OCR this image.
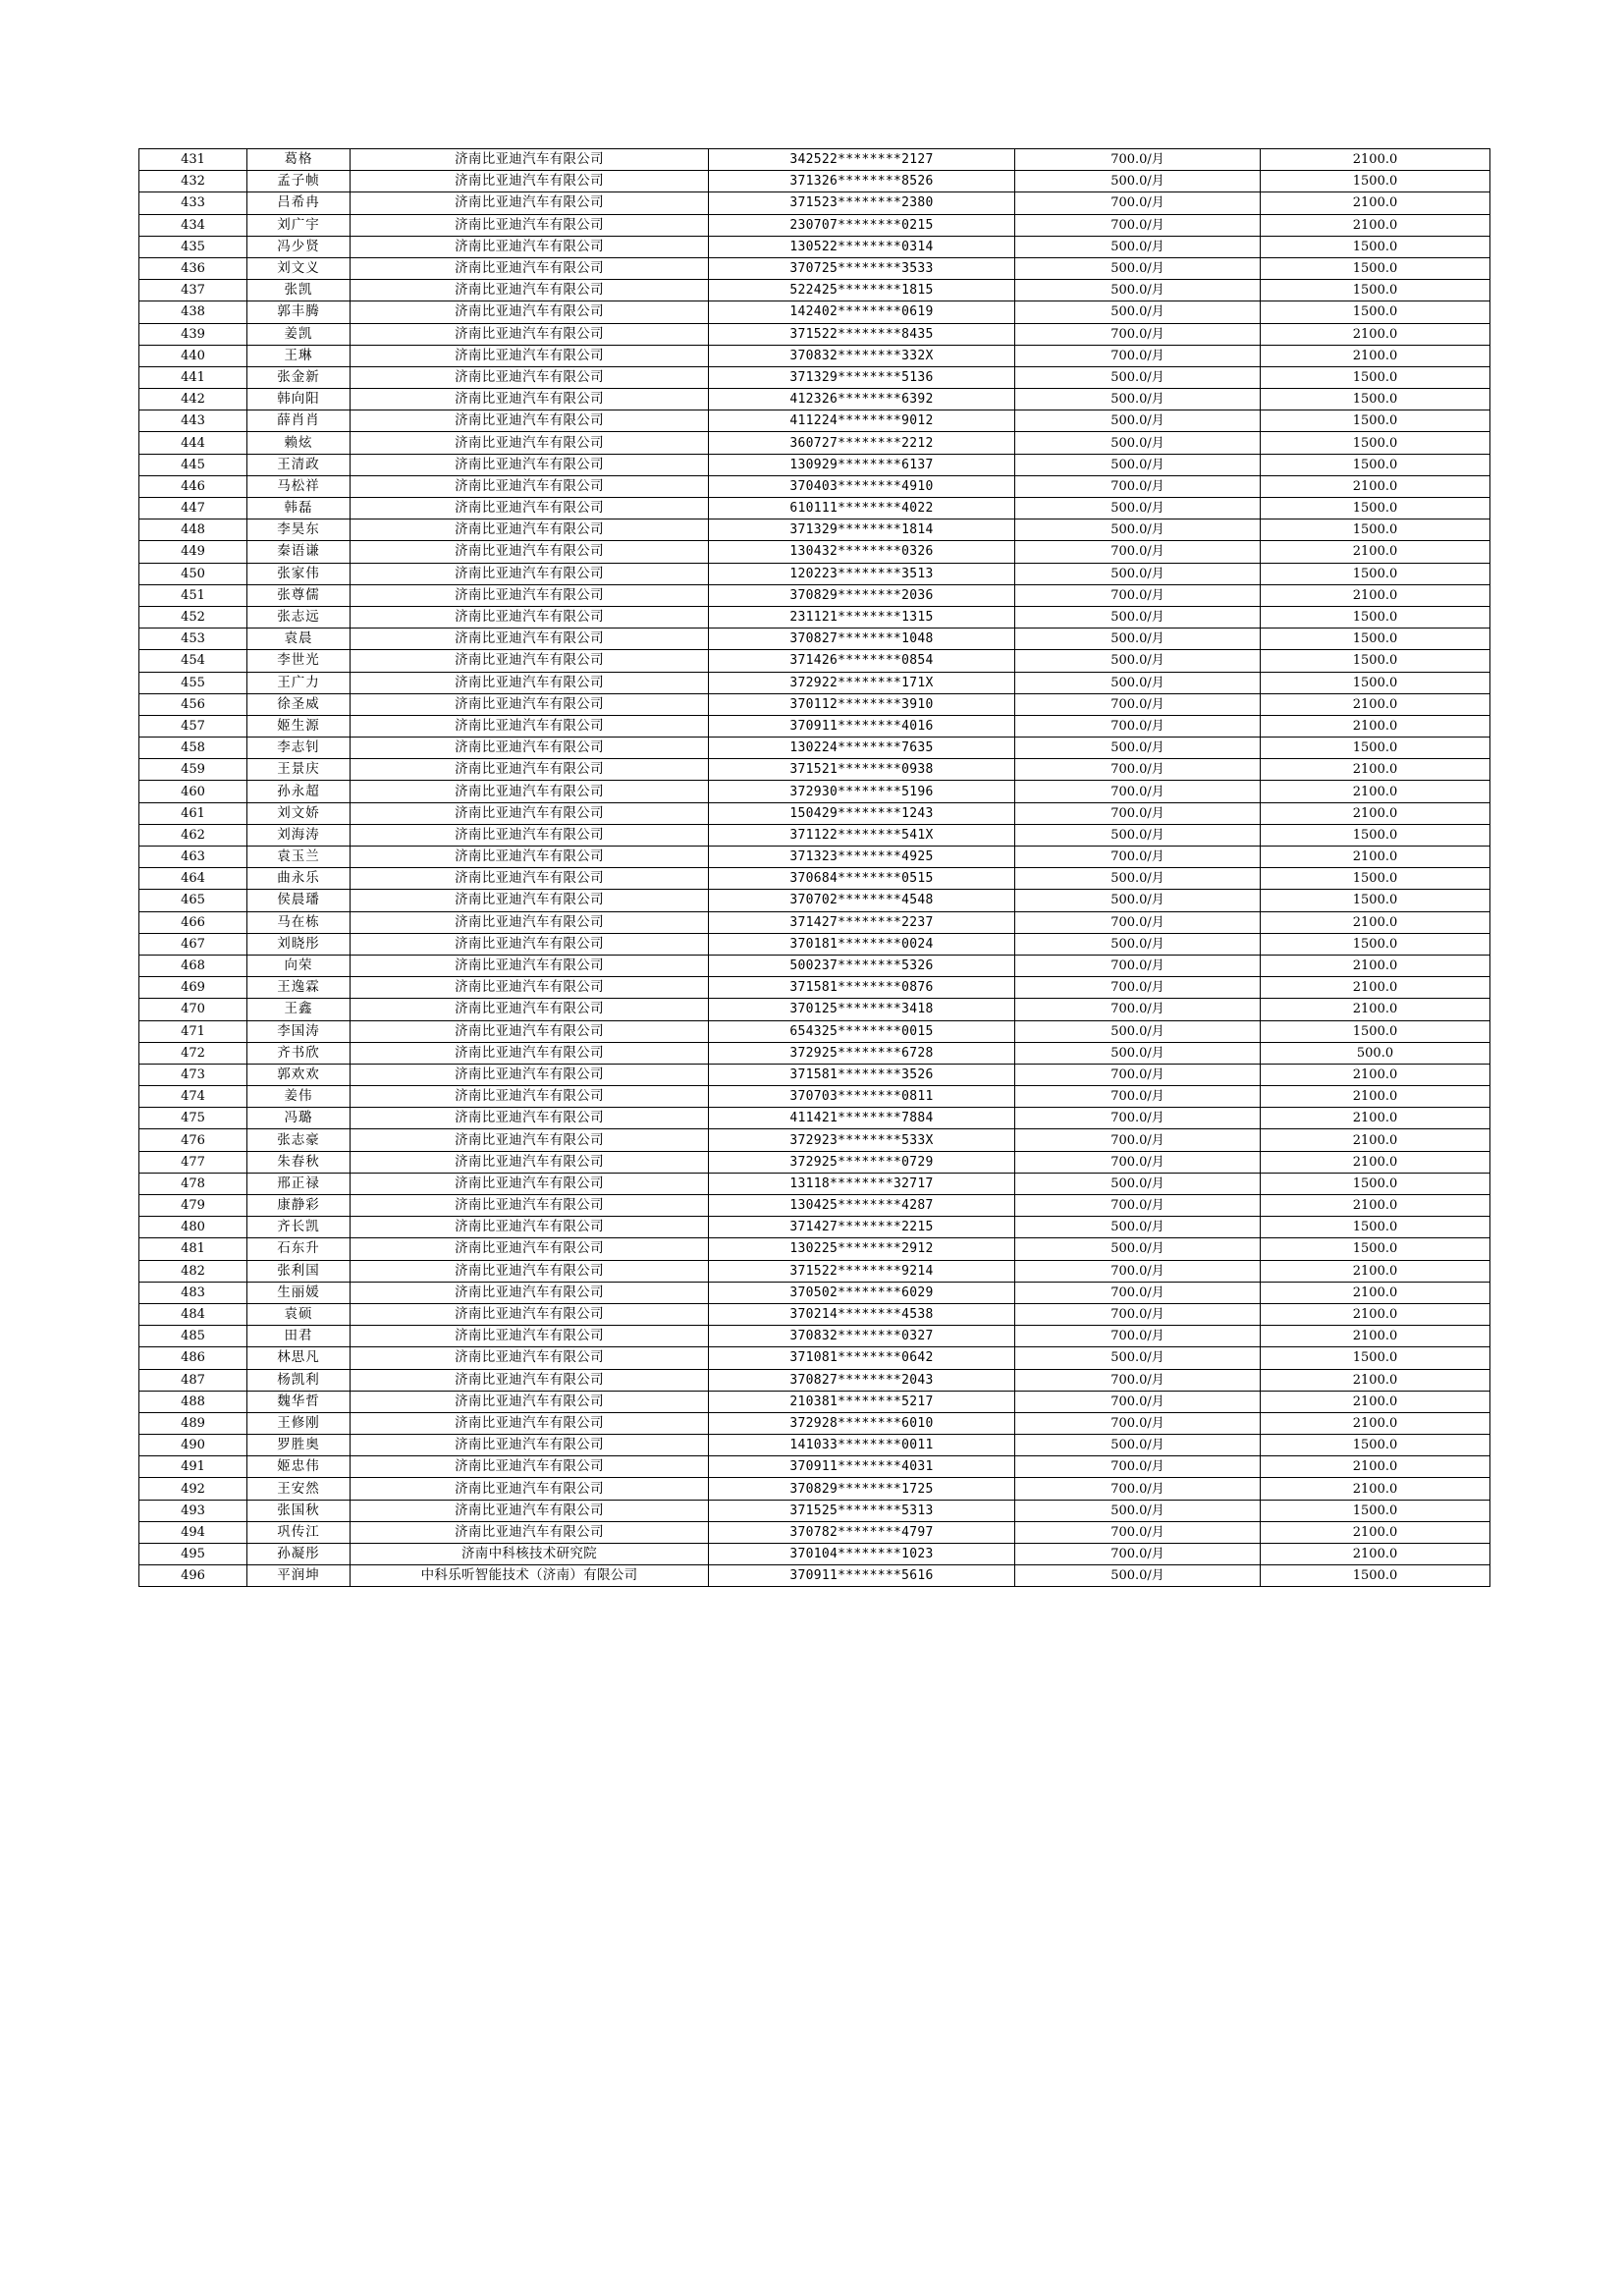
431	葛格	济南比亚迪汽车有限公司	342522********2127	700.0/月	2100.0
432	孟子帧	济南比亚迪汽车有限公司	371326********8526	500.0/月	1500.0
433	吕希冉	济南比亚迪汽车有限公司	371523********2380	700.0/月	2100.0
434	刘广宇	济南比亚迪汽车有限公司	230707********0215	700.0/月	2100.0
435	冯少贤	济南比亚迪汽车有限公司	130522********0314	500.0/月	1500.0
436	刘文义	济南比亚迪汽车有限公司	370725********3533	500.0/月	1500.0
437	张凯	济南比亚迪汽车有限公司	522425********1815	500.0/月	1500.0
438	郭丰腾	济南比亚迪汽车有限公司	142402********0619	500.0/月	1500.0
439	姜凯	济南比亚迪汽车有限公司	371522********8435	700.0/月	2100.0
440	王琳	济南比亚迪汽车有限公司	370832********332X	700.0/月	2100.0
441	张金新	济南比亚迪汽车有限公司	371329********5136	500.0/月	1500.0
442	韩向阳	济南比亚迪汽车有限公司	412326********6392	500.0/月	1500.0
443	薛肖肖	济南比亚迪汽车有限公司	411224********9012	500.0/月	1500.0
444	赖炫	济南比亚迪汽车有限公司	360727********2212	500.0/月	1500.0
445	王清政	济南比亚迪汽车有限公司	130929********6137	500.0/月	1500.0
446	马松祥	济南比亚迪汽车有限公司	370403********4910	700.0/月	2100.0
447	韩磊	济南比亚迪汽车有限公司	610111********4022	500.0/月	1500.0
448	李昊东	济南比亚迪汽车有限公司	371329********1814	500.0/月	1500.0
449	秦语谦	济南比亚迪汽车有限公司	130432********0326	700.0/月	2100.0
450	张家伟	济南比亚迪汽车有限公司	120223********3513	500.0/月	1500.0
451	张尊儒	济南比亚迪汽车有限公司	370829********2036	700.0/月	2100.0
452	张志远	济南比亚迪汽车有限公司	231121********1315	500.0/月	1500.0
453	袁晨	济南比亚迪汽车有限公司	370827********1048	500.0/月	1500.0
454	李世光	济南比亚迪汽车有限公司	371426********0854	500.0/月	1500.0
455	王广力	济南比亚迪汽车有限公司	372922********171X	500.0/月	1500.0
456	徐圣威	济南比亚迪汽车有限公司	370112********3910	700.0/月	2100.0
457	姬生源	济南比亚迪汽车有限公司	370911********4016	700.0/月	2100.0
458	李志钊	济南比亚迪汽车有限公司	130224********7635	500.0/月	1500.0
459	王景庆	济南比亚迪汽车有限公司	371521********0938	700.0/月	2100.0
460	孙永超	济南比亚迪汽车有限公司	372930********5196	700.0/月	2100.0
461	刘文娇	济南比亚迪汽车有限公司	150429********1243	700.0/月	2100.0
462	刘海涛	济南比亚迪汽车有限公司	371122********541X	500.0/月	1500.0
463	袁玉兰	济南比亚迪汽车有限公司	371323********4925	700.0/月	2100.0
464	曲永乐	济南比亚迪汽车有限公司	370684********0515	500.0/月	1500.0
465	侯晨璠	济南比亚迪汽车有限公司	370702********4548	500.0/月	1500.0
466	马在栋	济南比亚迪汽车有限公司	371427********2237	700.0/月	2100.0
467	刘晓彤	济南比亚迪汽车有限公司	370181********0024	500.0/月	1500.0
468	向荣	济南比亚迪汽车有限公司	500237********5326	700.0/月	2100.0
469	王逸霖	济南比亚迪汽车有限公司	371581********0876	700.0/月	2100.0
470	王鑫	济南比亚迪汽车有限公司	370125********3418	700.0/月	2100.0
471	李国涛	济南比亚迪汽车有限公司	654325********0015	500.0/月	1500.0
472	齐书欣	济南比亚迪汽车有限公司	372925********6728	500.0/月	500.0
473	郭欢欢	济南比亚迪汽车有限公司	371581********3526	700.0/月	2100.0
474	姜伟	济南比亚迪汽车有限公司	370703********0811	700.0/月	2100.0
475	冯璐	济南比亚迪汽车有限公司	411421********7884	700.0/月	2100.0
476	张志豪	济南比亚迪汽车有限公司	372923********533X	700.0/月	2100.0
477	朱春秋	济南比亚迪汽车有限公司	372925********0729	700.0/月	2100.0
478	邢正禄	济南比亚迪汽车有限公司	13118********32717	500.0/月	1500.0
479	康静彩	济南比亚迪汽车有限公司	130425********4287	700.0/月	2100.0
480	齐长凯	济南比亚迪汽车有限公司	371427********2215	500.0/月	1500.0
481	石东升	济南比亚迪汽车有限公司	130225********2912	500.0/月	1500.0
482	张利国	济南比亚迪汽车有限公司	371522********9214	700.0/月	2100.0
483	生丽媛	济南比亚迪汽车有限公司	370502********6029	700.0/月	2100.0
484	袁硕	济南比亚迪汽车有限公司	370214********4538	700.0/月	2100.0
485	田君	济南比亚迪汽车有限公司	370832********0327	700.0/月	2100.0
486	林思凡	济南比亚迪汽车有限公司	371081********0642	500.0/月	1500.0
487	杨凯利	济南比亚迪汽车有限公司	370827********2043	700.0/月	2100.0
488	魏华哲	济南比亚迪汽车有限公司	210381********5217	700.0/月	2100.0
489	王修刚	济南比亚迪汽车有限公司	372928********6010	700.0/月	2100.0
490	罗胜奥	济南比亚迪汽车有限公司	141033********0011	500.0/月	1500.0
491	姬忠伟	济南比亚迪汽车有限公司	370911********4031	700.0/月	2100.0
492	王安然	济南比亚迪汽车有限公司	370829********1725	700.0/月	2100.0
493	张国秋	济南比亚迪汽车有限公司	371525********5313	500.0/月	1500.0
494	巩传江	济南比亚迪汽车有限公司	370782********4797	700.0/月	2100.0
495	孙凝彤	济南中科核技术研究院	370104********1023	700.0/月	2100.0
496	平润坤	中科乐听智能技术（济南）有限公司	370911********5616	500.0/月	1500.0
